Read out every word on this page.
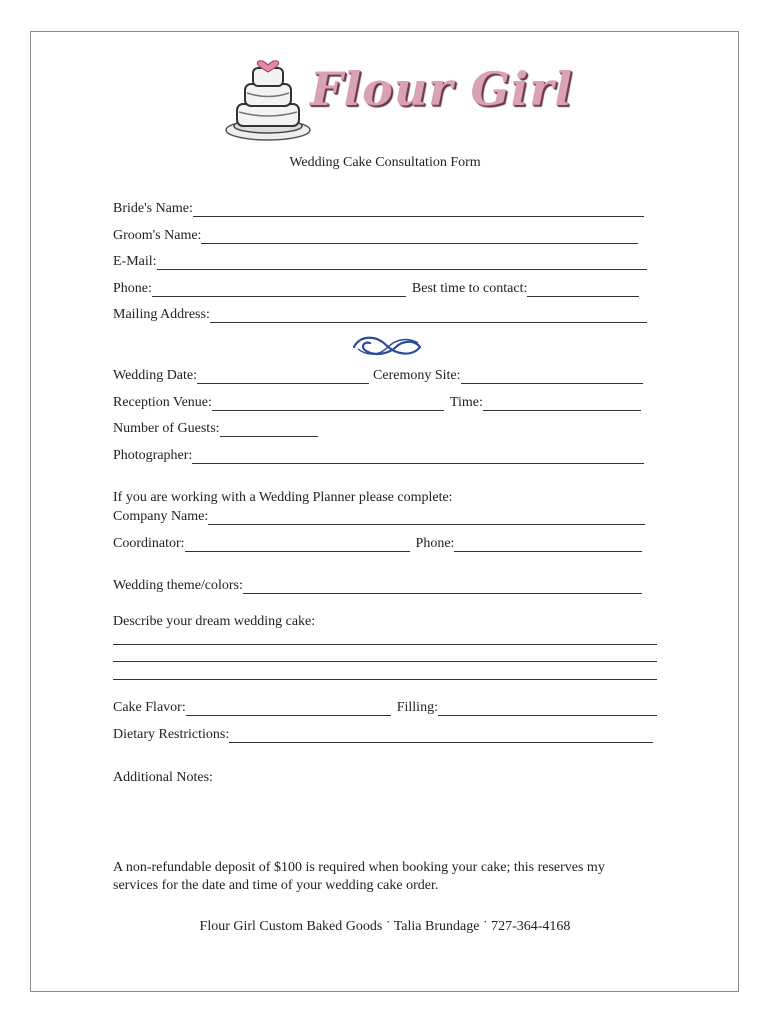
Flour Girl
Wedding Cake Consultation Form
Bride's Name:
Groom's Name:
E-Mail:
Phone:	Best time to contact:
Mailing Address:
Wedding Date:	Ceremony Site:
Reception Venue:	Time:
Number of Guests:
Photographer:
If you are working with a Wedding Planner please complete:
Company Name:
Coordinator:	Phone:
Wedding theme/colors:
Describe your dream wedding cake:
Cake Flavor:	Filling:
Dietary Restrictions:
Additional Notes:
A non-refundable deposit of $100 is required when booking your cake; this reserves my services for the date and time of your wedding cake order.
Flour Girl Custom Baked Goods ˙ Talia Brundage ˙ 727-364-4168
